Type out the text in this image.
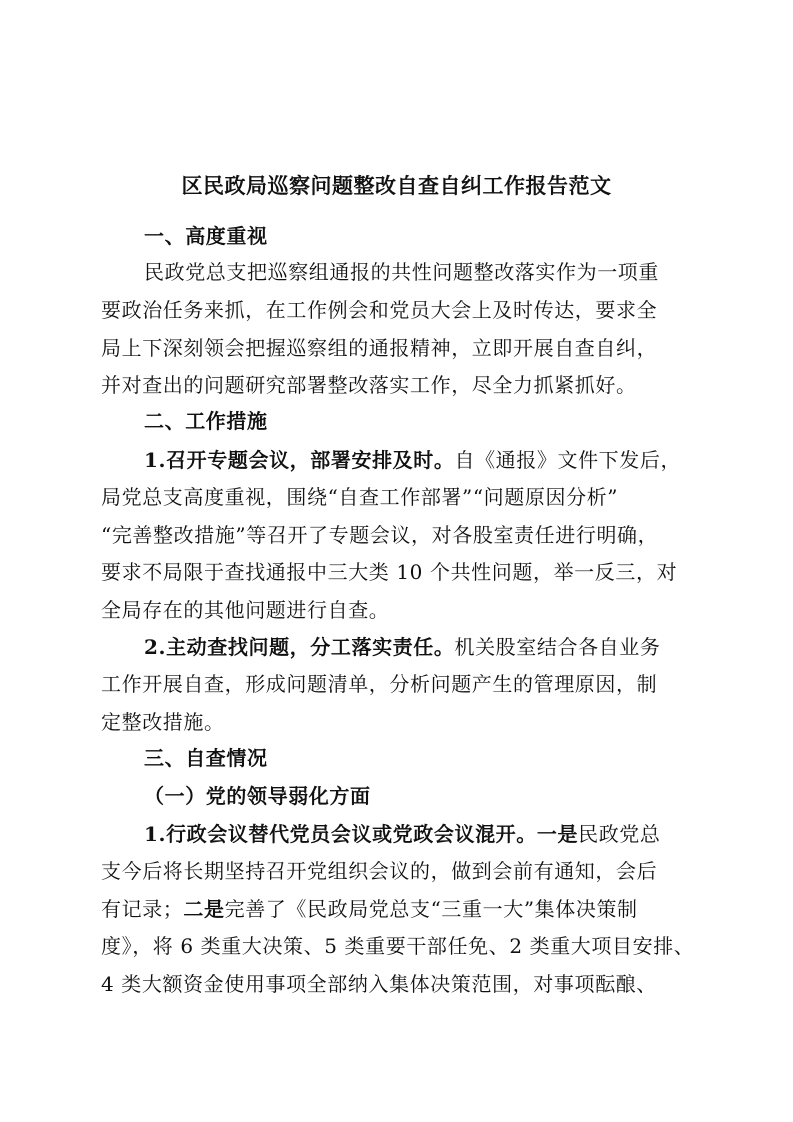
区民政局巡察问题整改自查自纠工作报告范文
一、高度重视
民政党总支把巡察组通报的共性问题整改落实作为一项重
要政治任务来抓，在工作例会和党员大会上及时传达，要求全
局上下深刻领会把握巡察组的通报精神，立即开展自查自纠，
并对查出的问题研究部署整改落实工作，尽全力抓紧抓好。
二、工作措施
1.召开专题会议，部署安排及时。自《通报》文件下发后，
局党总支高度重视，围绕“自查工作部署”“问题原因分析”
“完善整改措施”等召开了专题会议，对各股室责任进行明确，
要求不局限于查找通报中三大类 10 个共性问题，举一反三，对
全局存在的其他问题进行自查。
2.主动查找问题，分工落实责任。机关股室结合各自业务
工作开展自查，形成问题清单，分析问题产生的管理原因，制
定整改措施。
三、自查情况
（一）党的领导弱化方面
1.行政会议替代党员会议或党政会议混开。一是民政党总
支今后将长期坚持召开党组织会议的，做到会前有通知，会后
有记录；二是完善了《民政局党总支“三重一大”集体决策制
度》，将 6 类重大决策、5 类重要干部任免、2 类重大项目安排、
4 类大额资金使用事项全部纳入集体决策范围，对事项酝酿、
